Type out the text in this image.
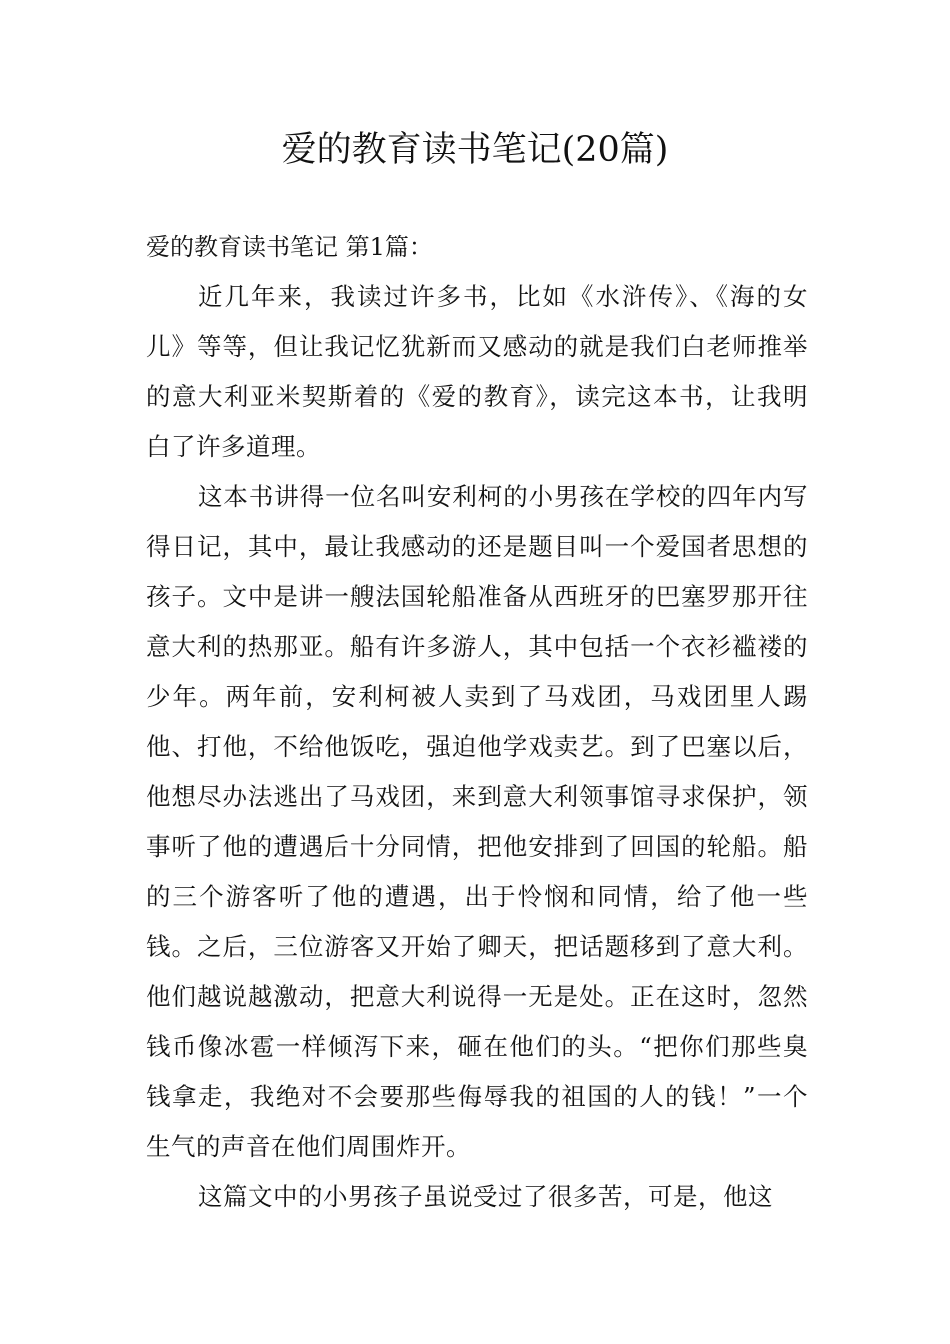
爱的教育读书笔记(20篇)
爱的教育读书笔记 第1篇：

近几年来，我读过许多书，比如《水浒传》、《海的女儿》等等，但让我记忆犹新而又感动的就是我们白老师推举的意大利亚米契斯着的《爱的教育》，读完这本书，让我明白了许多道理。

这本书讲得一位名叫安利柯的小男孩在学校的四年内写得日记，其中，最让我感动的还是题目叫一个爱国者思想的孩子。文中是讲一艘法国轮船准备从西班牙的巴塞罗那开往意大利的热那亚。船有许多游人，其中包括一个衣衫褴褛的少年。两年前，安利柯被人卖到了马戏团，马戏团里人踢他、打他，不给他饭吃，强迫他学戏卖艺。到了巴塞以后，他想尽办法逃出了马戏团，来到意大利领事馆寻求保护，领事听了他的遭遇后十分同情，把他安排到了回国的轮船。船的三个游客听了他的遭遇，出于怜悯和同情，给了他一些钱。之后，三位游客又开始了卿天，把话题移到了意大利。他们越说越激动，把意大利说得一无是处。正在这时，忽然钱币像冰雹一样倾泻下来，砸在他们的头。“把你们那些臭钱拿走，我绝对不会要那些侮辱我的祖国的人的钱！”一个生气的声音在他们周围炸开。

这篇文中的小男孩子虽说受过了很多苦，可是，他这
